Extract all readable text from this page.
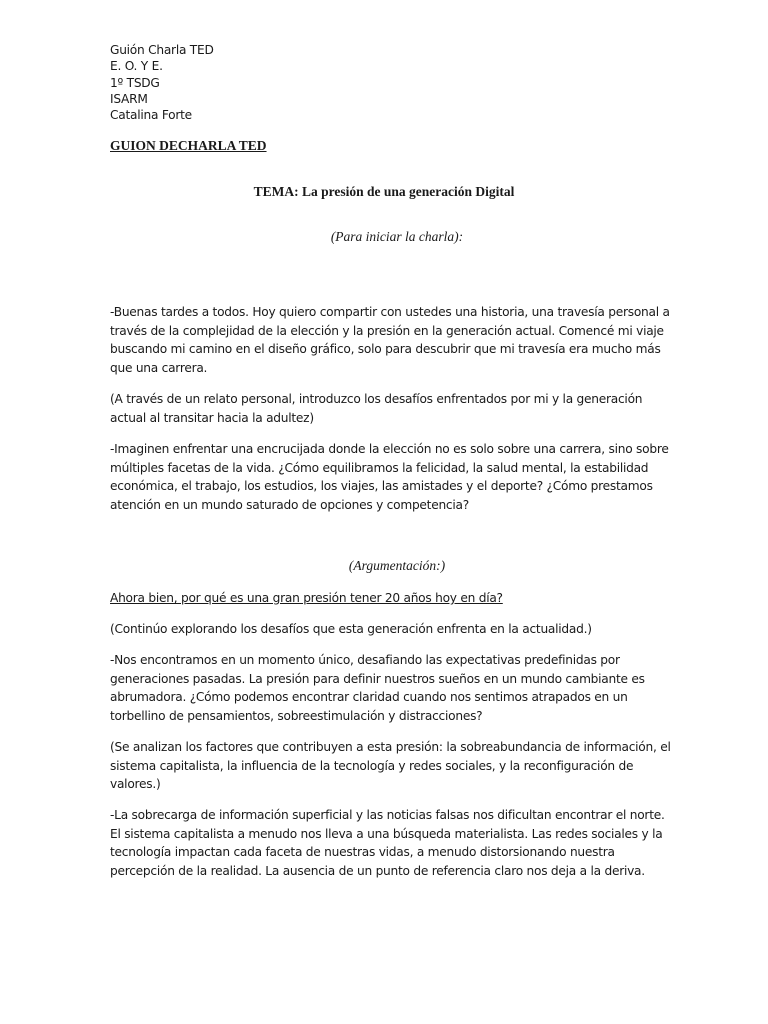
Guión Charla TED
E. O. Y E.
1º TSDG
ISARM
Catalina Forte
GUION DECHARLA TED
TEMA: La presión de una generación Digital
(Para iniciar la charla):
-Buenas tardes a todos. Hoy quiero compartir con ustedes una historia, una travesía personal a
través de la complejidad de la elección y la presión en la generación actual. Comencé mi viaje
buscando mi camino en el diseño gráfico, solo para descubrir que mi travesía era mucho más
que una carrera.
(A través de un relato personal, introduzco los desafíos enfrentados por mi y la generación
actual al transitar hacia la adultez)
-Imaginen enfrentar una encrucijada donde la elección no es solo sobre una carrera, sino sobre
múltiples facetas de la vida. ¿Cómo equilibramos la felicidad, la salud mental, la estabilidad
económica, el trabajo, los estudios, los viajes, las amistades y el deporte? ¿Cómo prestamos
atención en un mundo saturado de opciones y competencia?
(Argumentación:)
Ahora bien, por qué es una gran presión tener 20 años hoy en día?
(Continúo explorando los desafíos que esta generación enfrenta en la actualidad.)
-Nos encontramos en un momento único, desafiando las expectativas predefinidas por
generaciones pasadas. La presión para definir nuestros sueños en un mundo cambiante es
abrumadora. ¿Cómo podemos encontrar claridad cuando nos sentimos atrapados en un
torbellino de pensamientos, sobreestimulación y distracciones?
(Se analizan los factores que contribuyen a esta presión: la sobreabundancia de información, el
sistema capitalista, la influencia de la tecnología y redes sociales, y la reconfiguración de
valores.)
-La sobrecarga de información superficial y las noticias falsas nos dificultan encontrar el norte.
El sistema capitalista a menudo nos lleva a una búsqueda materialista. Las redes sociales y la
tecnología impactan cada faceta de nuestras vidas, a menudo distorsionando nuestra
percepción de la realidad. La ausencia de un punto de referencia claro nos deja a la deriva.
